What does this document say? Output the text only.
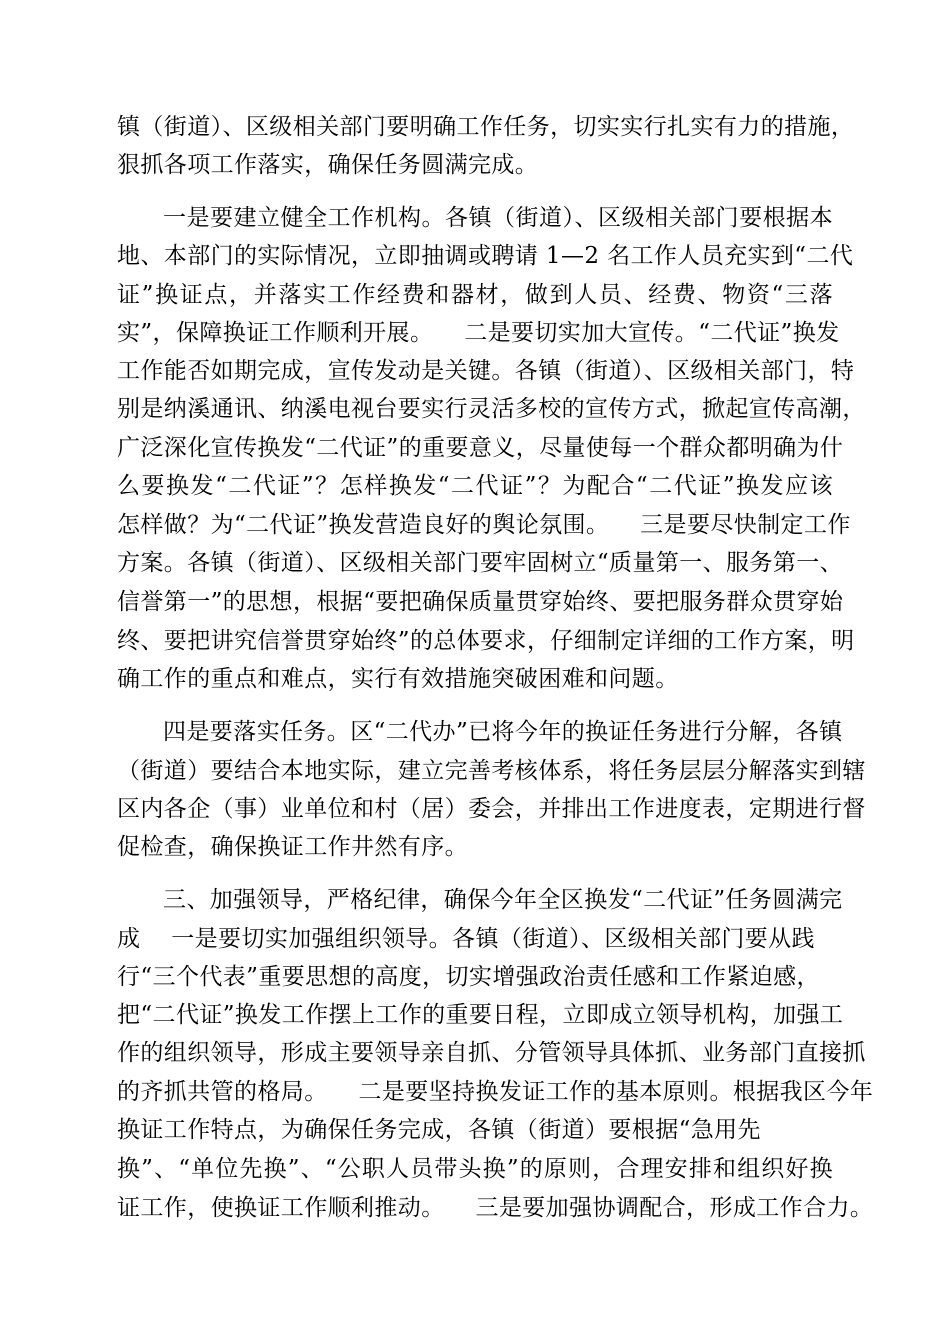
镇（街道）、区级相关部门要明确工作任务，切实实行扎实有力的措施，
狠抓各项工作落实，确保任务圆满完成。
一是要建立健全工作机构。各镇（街道）、区级相关部门要根据本
地、本部门的实际情况，立即抽调或聘请 1—2 名工作人员充实到“二代
证”换证点，并落实工作经费和器材，做到人员、经费、物资“三落
实”，保障换证工作顺利开展。    二是要切实加大宣传。“二代证”换发
工作能否如期完成，宣传发动是关键。各镇（街道）、区级相关部门，特
别是纳溪通讯、纳溪电视台要实行灵活多校的宣传方式，掀起宣传高潮，
广泛深化宣传换发“二代证”的重要意义，尽量使每一个群众都明确为什
么要换发“二代证”？怎样换发“二代证”？为配合“二代证”换发应该
怎样做？为“二代证”换发营造良好的舆论氛围。    三是要尽快制定工作
方案。各镇（街道）、区级相关部门要牢固树立“质量第一、服务第一、
信誉第一”的思想，根据“要把确保质量贯穿始终、要把服务群众贯穿始
终、要把讲究信誉贯穿始终”的总体要求，仔细制定详细的工作方案，明
确工作的重点和难点，实行有效措施突破困难和问题。
四是要落实任务。区“二代办”已将今年的换证任务进行分解，各镇
（街道）要结合本地实际，建立完善考核体系，将任务层层分解落实到辖
区内各企（事）业单位和村（居）委会，并排出工作进度表，定期进行督
促检查，确保换证工作井然有序。
三、加强领导，严格纪律，确保今年全区换发“二代证”任务圆满完
成    一是要切实加强组织领导。各镇（街道）、区级相关部门要从践
行“三个代表”重要思想的高度，切实增强政治责任感和工作紧迫感，
把“二代证”换发工作摆上工作的重要日程，立即成立领导机构，加强工
作的组织领导，形成主要领导亲自抓、分管领导具体抓、业务部门直接抓
的齐抓共管的格局。    二是要坚持换发证工作的基本原则。根据我区今年
换证工作特点，为确保任务完成，各镇（街道）要根据“急用先
换”、“单位先换”、“公职人员带头换”的原则，合理安排和组织好换
证工作，使换证工作顺利推动。    三是要加强协调配合，形成工作合力。
